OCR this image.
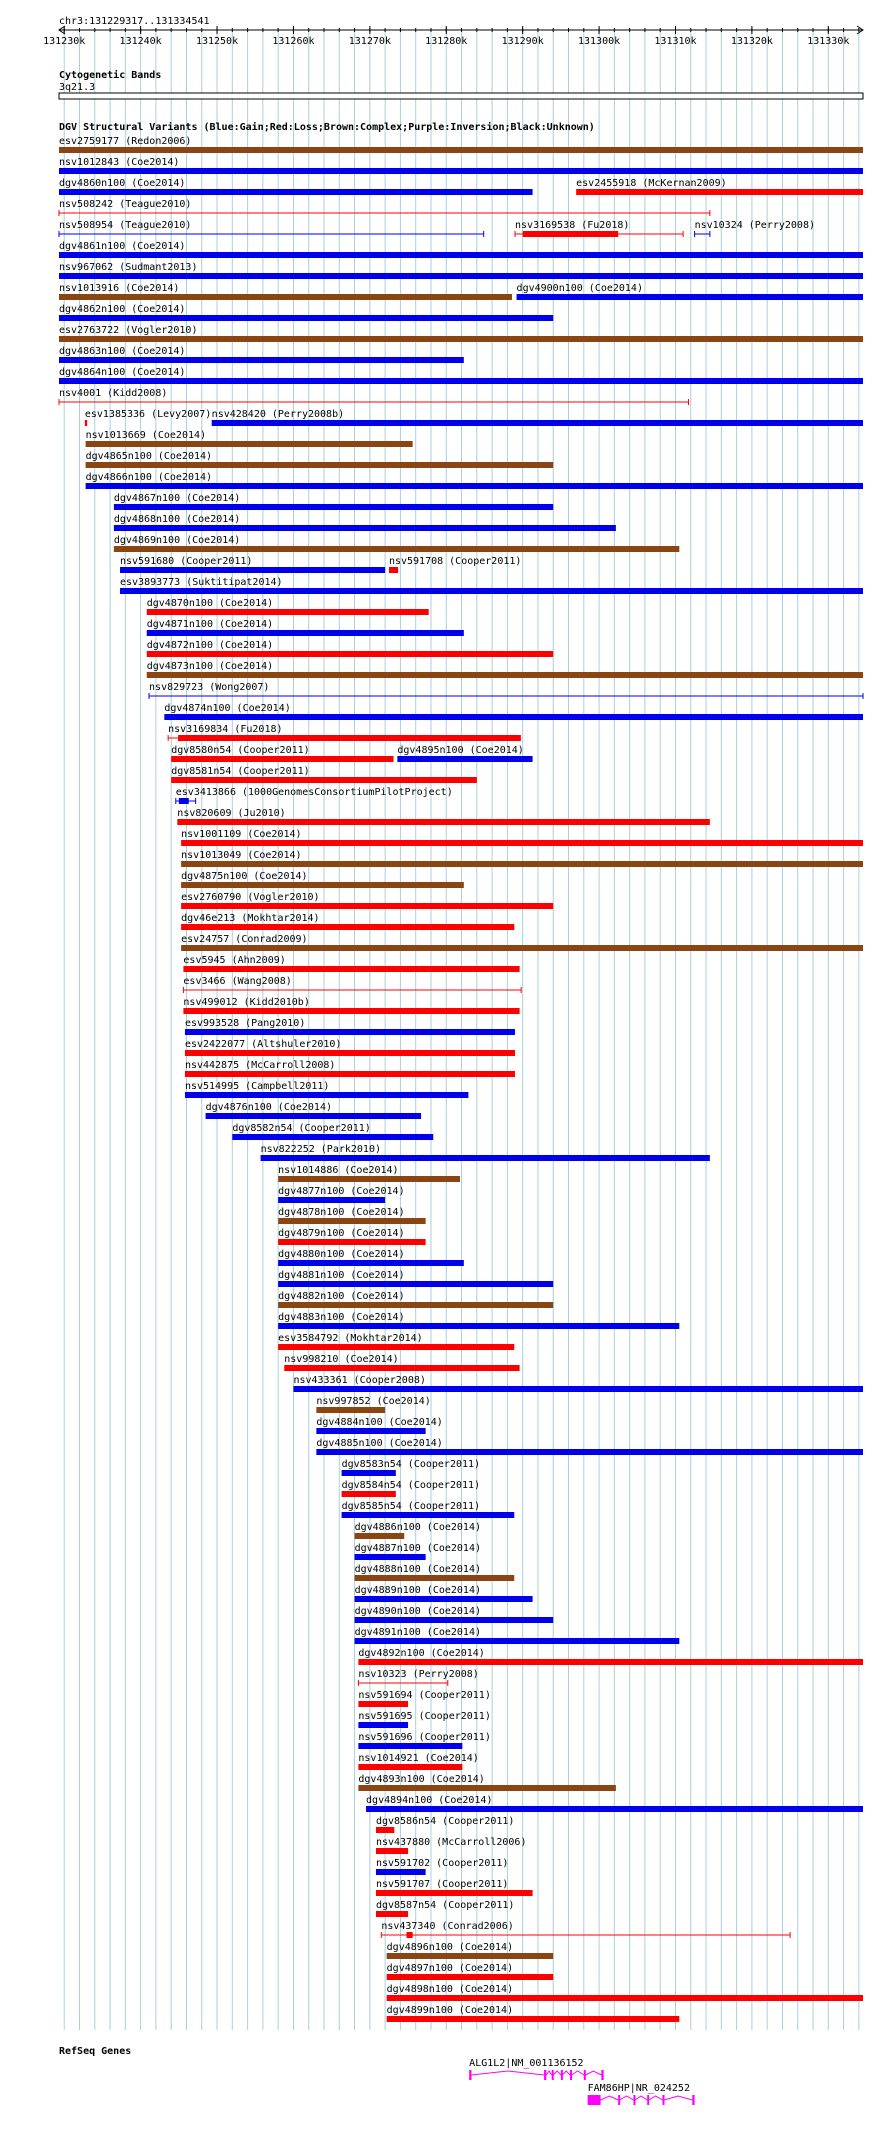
chr3:131229317..131334541
131230k	131240k	131250k	131260k	131270k	131280k	131290k	131300k	131310k	131320k	131330k
Cytogenetic Bands
3q21.3
DGV Structural Variants (Blue:Gain;Red:Loss;Brown:Complex;Purple:Inversion;Black:Unknown)
esv2759177 (Redon2006)
nsv1012843 (Coe2014)
dgv4860n100 (Coe2014)	esv2455918 (McKernan2009)
nsv508242 (Teague2010)
nsv508954 (Teague2010)	nsv3169538 (Fu2018)	nsv10324 (Perry2008)
dgv4861n100 (Coe2014)
nsv967062 (Sudmant2013)
nsv1013916 (Coe2014)	dgv4900n100 (Coe2014)
dgv4862n100 (Coe2014)
esv2763722 (Vogler2010)
dgv4863n100 (Coe2014)
dgv4864n100 (Coe2014)
nsv4001 (Kidd2008)
esv1385336 (Levy2007) nsv428420 (Perry2008b)
nsv1013669 (Coe2014)
dgv4865n100 (Coe2014)
dgv4866n100 (Coe2014)
dgv4867n100 (Coe2014)
dgv4868n100 (Coe2014)
dgv4869n100 (Coe2014)
nsv591680 (Cooper2011)	nsv591708 (Cooper2011)
esv3893773 (Suktitipat2014)
dgv4870n100 (Coe2014)
dgv4871n100 (Coe2014)
dgv4872n100 (Coe2014)
dgv4873n100 (Coe2014)
nsv829723 (Wong2007)
dgv4874n100 (Coe2014)
nsv3169834 (Fu2018)
dgv8580n54 (Cooper2011)	dgv4895n100 (Coe2014)
dgv8581n54 (Cooper2011)
esv3413866 (1000GenomesConsortiumPilotProject)
nsv820609 (Ju2010)
nsv1001109 (Coe2014)
nsv1013049 (Coe2014)
dgv4875n100 (Coe2014)
esv2760790 (Vogler2010)
dgv46e213 (Mokhtar2014)
esv24757 (Conrad2009)
esv5945 (Ahn2009)
esv3466 (Wang2008)
nsv499012 (Kidd2010b)
esv993528 (Pang2010)
esv2422077 (Altshuler2010)
nsv442875 (McCarroll2008)
nsv514995 (Campbell2011)
dgv4876n100 (Coe2014)
dgv8582n54 (Cooper2011)
nsv822252 (Park2010)
nsv1014886 (Coe2014)
dgv4877n100 (Coe2014)
dgv4878n100 (Coe2014)
dgv4879n100 (Coe2014)
dgv4880n100 (Coe2014)
dgv4881n100 (Coe2014)
dgv4882n100 (Coe2014)
dgv4883n100 (Coe2014)
esv3584792 (Mokhtar2014)
nsv998210 (Coe2014)
nsv433361 (Cooper2008)
nsv997852 (Coe2014)
dgv4884n100 (Coe2014)
dgv4885n100 (Coe2014)
dgv8583n54 (Cooper2011)
dgv8584n54 (Cooper2011)
dgv8585n54 (Cooper2011)
dgv4886n100 (Coe2014)
dgv4887n100 (Coe2014)
dgv4888n100 (Coe2014)
dgv4889n100 (Coe2014)
dgv4890n100 (Coe2014)
dgv4891n100 (Coe2014)
dgv4892n100 (Coe2014)
nsv10323 (Perry2008)
nsv591694 (Cooper2011)
nsv591695 (Cooper2011)
nsv591696 (Cooper2011)
nsv1014921 (Coe2014)
dgv4893n100 (Coe2014)
dgv4894n100 (Coe2014)
dgv8586n54 (Cooper2011)
nsv437880 (McCarroll2006)
nsv591702 (Cooper2011)
nsv591707 (Cooper2011)
dgv8587n54 (Cooper2011)
nsv437340 (Conrad2006)
dgv4896n100 (Coe2014)
dgv4897n100 (Coe2014)
dgv4898n100 (Coe2014)
dgv4899n100 (Coe2014)
RefSeq Genes
ALG1L2|NM_001136152
FAM86HP|NR_024252
